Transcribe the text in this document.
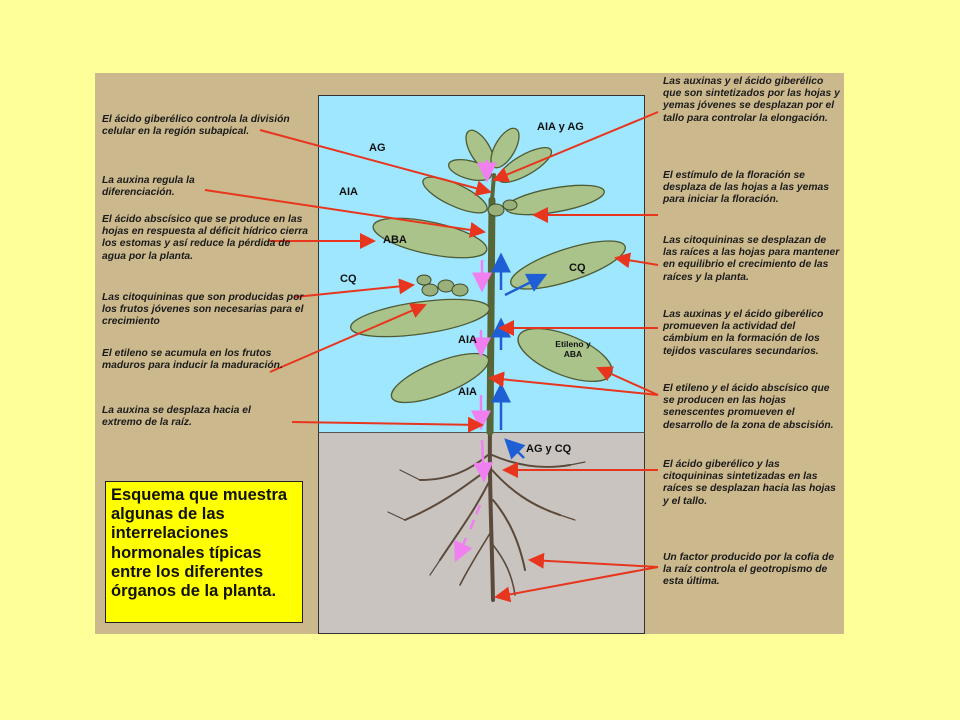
AG
AIA y AG
AIA
ABA
CQ
CQ
Etileno y ABA
AIA
AIA
AG y CQ
El ácido giberélico controla la división celular en la región subapical.
La auxina regula la diferenciación.
El ácido abscísico que se produce en las hojas en respuesta al déficit hídrico cierra los estomas y así reduce la pérdida de agua por la planta.
Las citoquininas que son producidas por los frutos jóvenes son necesarias para el crecimiento
El etileno se acumula en los frutos maduros para inducir la maduración.
La auxina se desplaza hacia el extremo de la raíz.
Las auxinas y el ácido giberélico que son sintetizados por las hojas y yemas jóvenes se desplazan por el tallo para controlar la elongación.
El estímulo de la floración se desplaza de las hojas a las yemas para iniciar la floración.
Las citoquininas se desplazan de las raíces a las hojas para mantener en equilibrio el crecimiento de las raíces y la planta.
Las auxinas y el ácido giberélico promueven la actividad del cámbium en la formación de los tejidos vasculares secundarios.
El etileno y el ácido abscísico que se producen en las hojas senescentes promueven el desarrollo de la zona de abscisión.
El ácido giberélico y las citoquininas sintetizadas en las raíces se desplazan hacia las hojas y el tallo.
Un factor producido por la cofia de la raíz controla el geotropismo de esta última.
Esquema que muestra algunas de las interrelaciones hormonales típicas entre los diferentes órganos de la planta.
